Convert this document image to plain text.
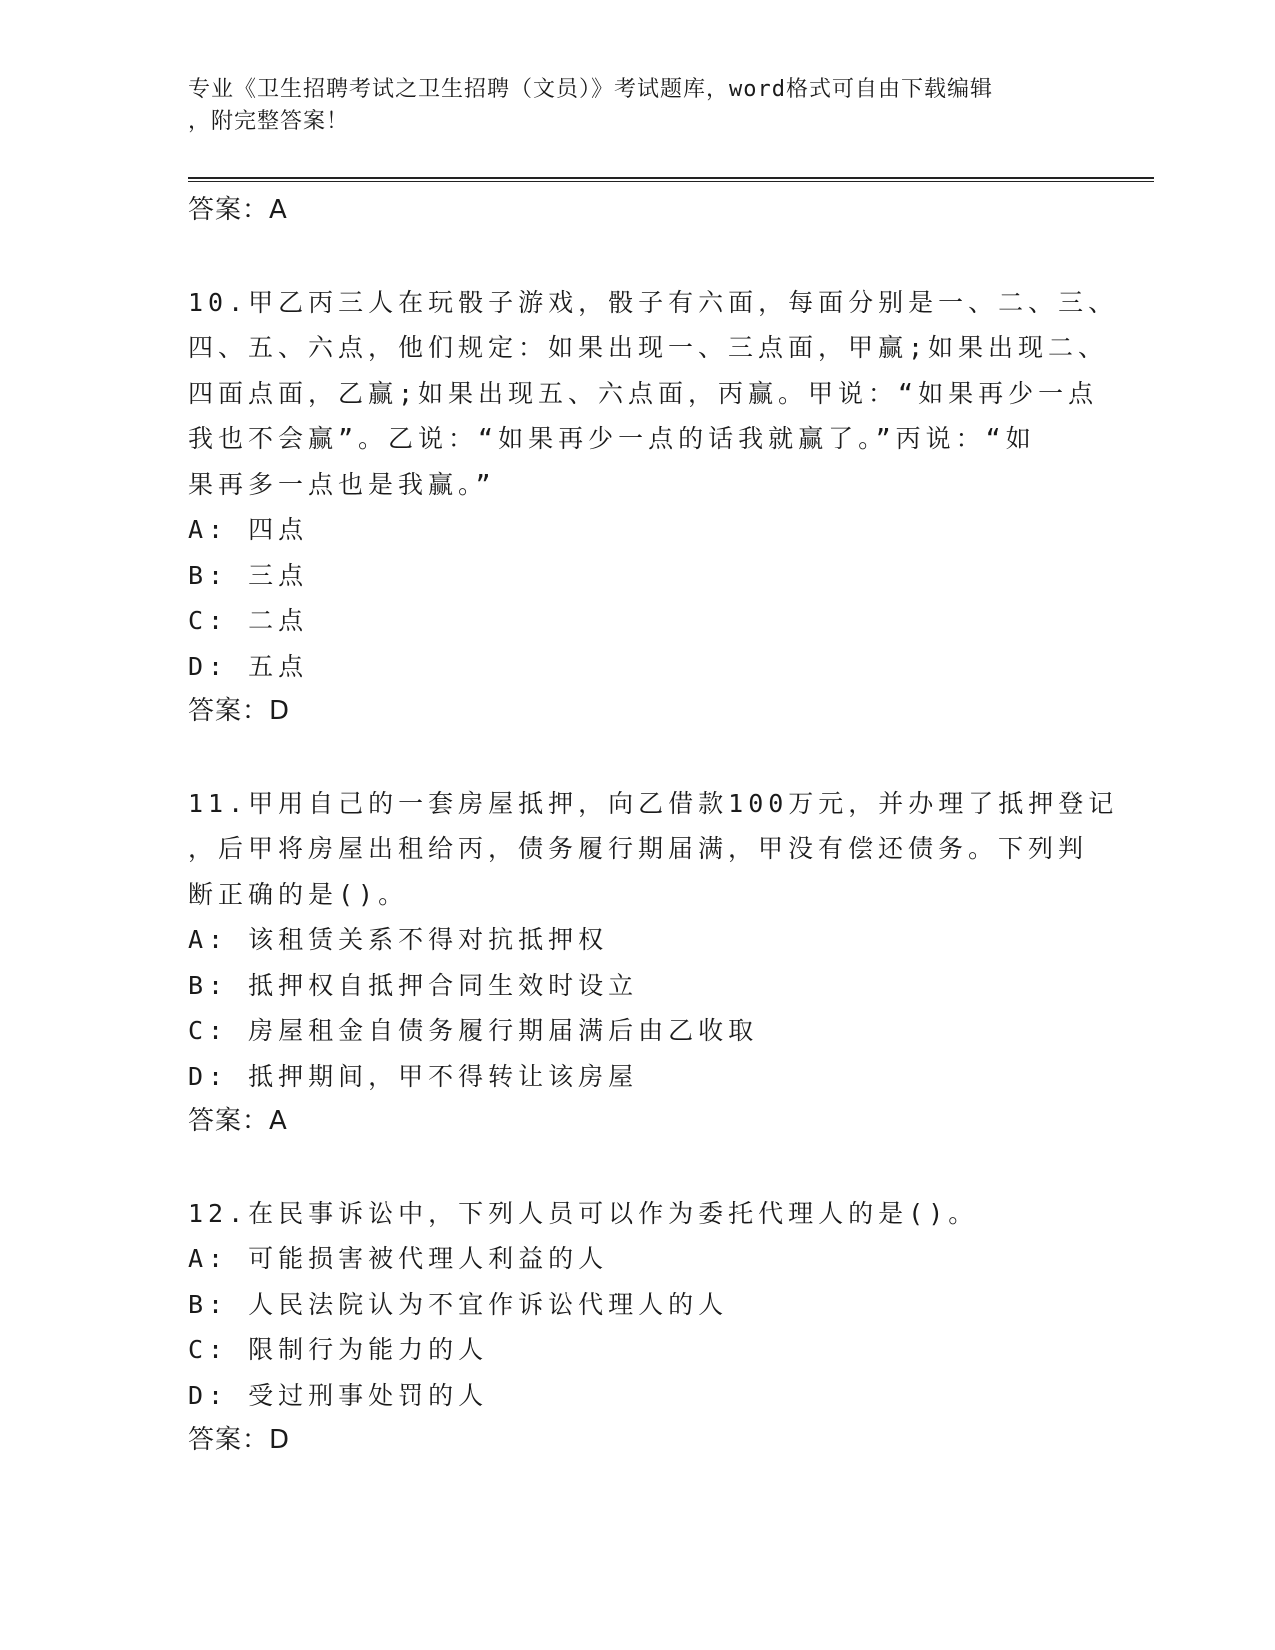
专业《卫生招聘考试之卫生招聘（文员）》考试题库，word格式可自由下载编辑
，附完整答案！
答案：A
10.甲乙丙三人在玩骰子游戏，骰子有六面，每面分别是一、二、三、
四、五、六点，他们规定：如果出现一、三点面，甲赢;如果出现二、
四面点面，乙赢;如果出现五、六点面，丙赢。甲说：“如果再少一点
我也不会赢”。乙说：“如果再少一点的话我就赢了。”丙说：“如
果再多一点也是我赢。”
A: 四点
B: 三点
C: 二点
D: 五点
答案：D
11.甲用自己的一套房屋抵押，向乙借款100万元，并办理了抵押登记
，后甲将房屋出租给丙，债务履行期届满，甲没有偿还债务。下列判
断正确的是()。
A: 该租赁关系不得对抗抵押权
B: 抵押权自抵押合同生效时设立
C: 房屋租金自债务履行期届满后由乙收取
D: 抵押期间，甲不得转让该房屋
答案：A
12.在民事诉讼中，下列人员可以作为委托代理人的是()。
A: 可能损害被代理人利益的人
B: 人民法院认为不宜作诉讼代理人的人
C: 限制行为能力的人
D: 受过刑事处罚的人
答案：D
